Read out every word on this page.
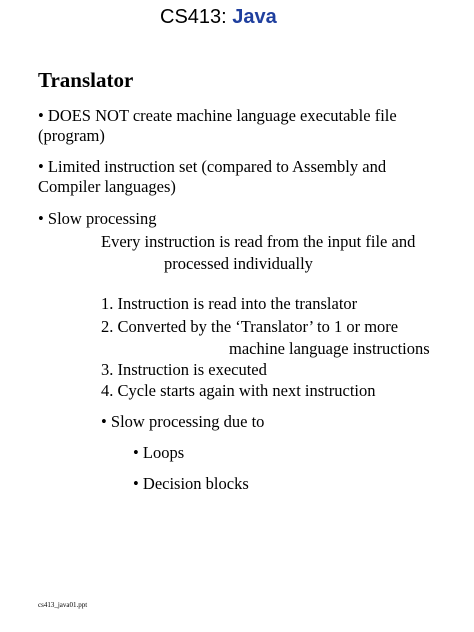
CS413: Java
Translator
• DOES NOT create machine language executable file
(program)
• Limited instruction set (compared to Assembly and
Compiler languages)
• Slow processing
Every instruction is read from the input file and
processed individually
1. Instruction is read into the translator
2. Converted by the ‘Translator’ to 1 or more
machine language instructions
3. Instruction is executed
4. Cycle starts again with next instruction
• Slow processing due to
• Loops
• Decision blocks
cs413_java01.ppt
